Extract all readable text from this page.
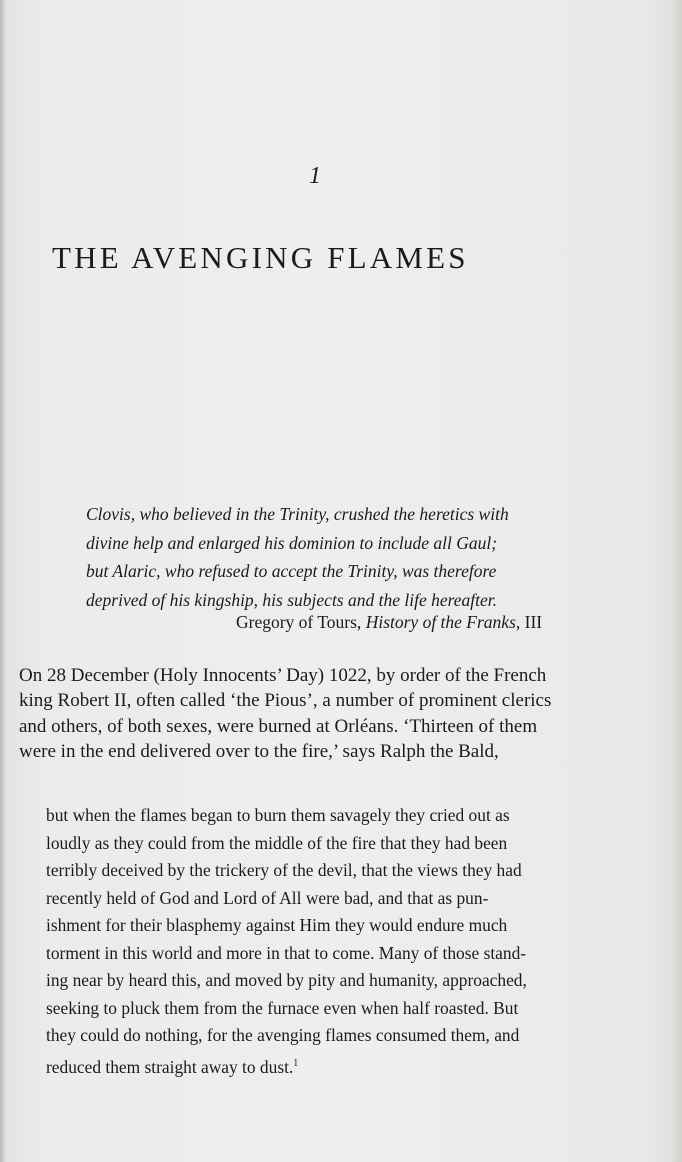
1
THE AVENGING FLAMES
Clovis, who believed in the Trinity, crushed the heretics with
divine help and enlarged his dominion to include all Gaul;
but Alaric, who refused to accept the Trinity, was therefore
deprived of his kingship, his subjects and the life hereafter.
Gregory of Tours, History of the Franks, III
On 28 December (Holy Innocents’ Day) 1022, by order of the French
king Robert II, often called ‘the Pious’, a number of prominent clerics
and others, of both sexes, were burned at Orléans. ‘Thirteen of them
were in the end delivered over to the fire,’ says Ralph the Bald,
but when the flames began to burn them savagely they cried out as
loudly as they could from the middle of the fire that they had been
terribly deceived by the trickery of the devil, that the views they had
recently held of God and Lord of All were bad, and that as pun-
ishment for their blasphemy against Him they would endure much
torment in this world and more in that to come. Many of those stand-
ing near by heard this, and moved by pity and humanity, approached,
seeking to pluck them from the furnace even when half roasted. But
they could do nothing, for the avenging flames consumed them, and
reduced them straight away to dust.$^1$
